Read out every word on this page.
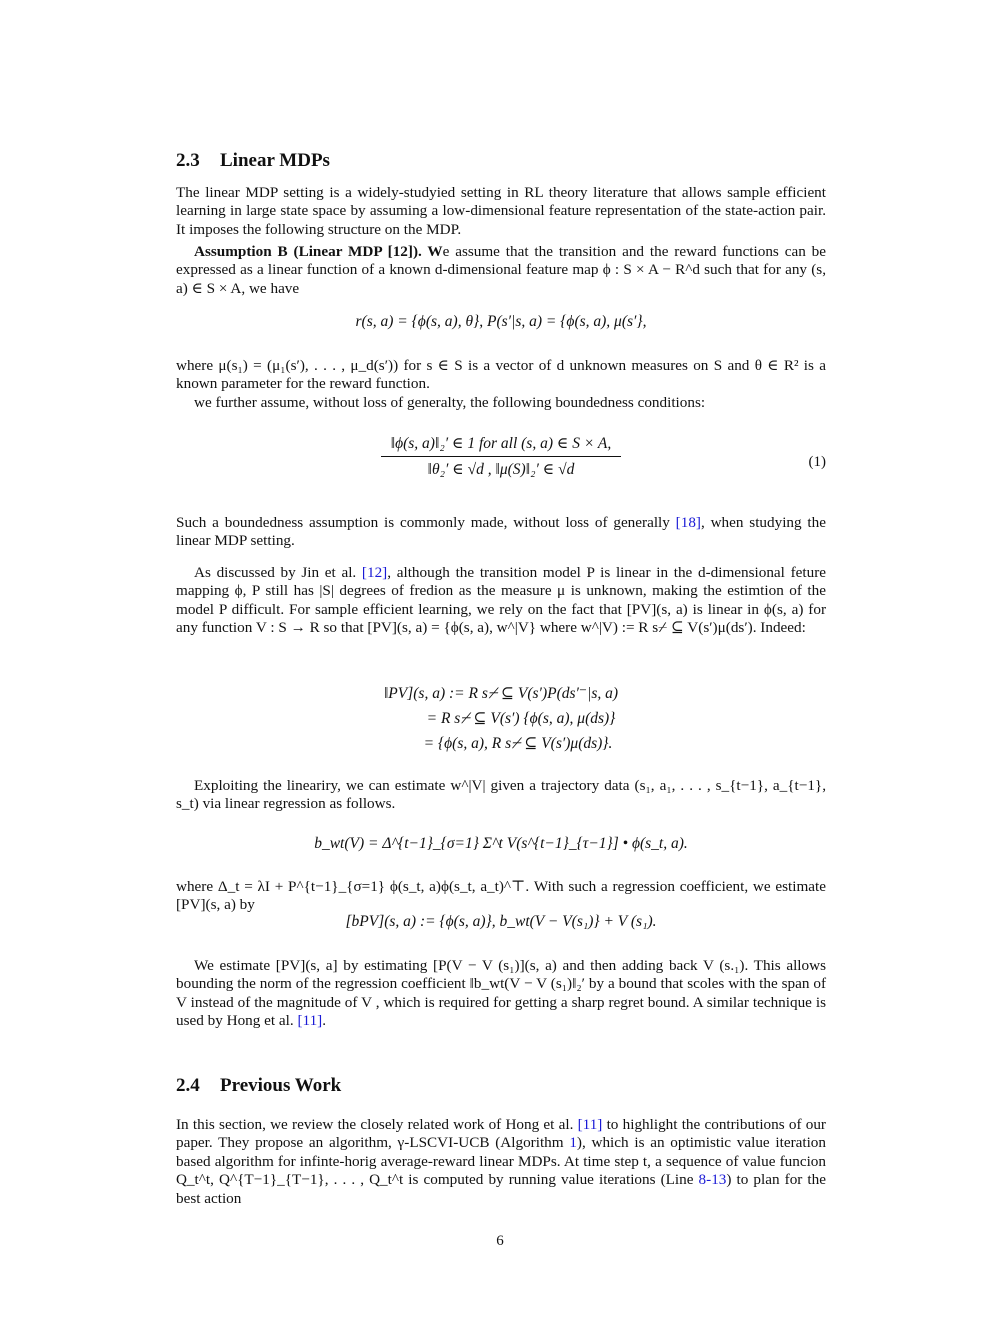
2.3 Linear MDPs
The linear MDP setting is a widely-studyied setting in RL theory literature that allows sample efficient learning in large state space by assuming a low-dimensional feature representation of the state-action pair. It imposes the following structure on the MDP.
Assumption B (Linear MDP [12]). We assume that the transition and the reward functions can be expressed as a linear function of a known d-dimensional feature map ϕ : S × A − R^d such that for any (s, a) ∈ S × A, we have
r(s, a) = {ϕ(s, a), θ}, P(s′|s, a) = {ϕ(s, a), μ(s′},
where μ(s₁) = (μ₁(s′), . . . , μ_d(s′)) for s ∈ S is a vector of d unknown measures on S and θ ∈ R² is a known parameter for the reward function.
we further assume, without loss of generalty, the following boundedness conditions:
$\frac{\text{‖ϕ(s, a)‖₂′ ∈ 1 for all (s, a) ∈ S × A,}}{\text{‖θ₂′ ∈ √d , ‖μ(S)‖₂′ ∈ √d}}$	(1)
Such a boundedness assumption is commonly made, without loss of generally [18], when studying the linear MDP setting.
As discussed by Jin et al. [12], although the transition model P is linear in the d-dimensional feture mapping ϕ, P still has |S| degrees of fredion as the measure μ is unknown, making the estimtion of the model P difficult. For sample efficient learning, we rely on the fact that [PV](s, a) is linear in ϕ(s, a) for any function V : S → R so that [PV](s, a) = {ϕ(s, a), w^|V} where w^|V) := R s⌿ ⊆ V(s′)μ(ds′). Indeed:
‖PV](s, a) := R s⌿ ⊆ V(s′)P(ds′⁻|s, a)
= R s⌿ ⊆ V(s′) {ϕ(s, a), μ(ds)}
= {ϕ(s, a), R s⌿ ⊆ V(s′)μ(ds)}.
Exploiting the lineariry, we can estimate w^|V| given a trajectory data (s₁, a₁, . . . , s_{t−1}, a_{t−1}, s_t) via linear regression as follows.
b_wt(V) = Δ^{t−1}_{σ=1} Σ^t V(s^{t−1}_{τ−1}] • ϕ(s_t, a).
where Δ_t = λI + P^{t−1}_{σ=1} ϕ(s_t, a)ϕ(s_t, a_t)^⊤. With such a regression coefficient, we estimate [PV](s, a) by
[bPV](s, a) := {ϕ(s, a)}, b_wt(V − V(s₁)} + V (s₁).
We estimate [PV](s, a] by estimating [P(V − V (s₁)](s, a) and then adding back V (s.₁). This allows bounding the norm of the regression coefficient ‖b_wt(V − V (s₁)‖₂′ by a bound that scoles with the span of V instead of the magnitude of V , which is required for getting a sharp regret bound. A similar technique is used by Hong et al. [11].
2.4 Previous Work
In this section, we review the closely related work of Hong et al. [11] to highlight the contributions of our paper. They propose an algorithm, γ-LSCVI-UCB (Algorithm 1), which is an optimistic value iteration based algorithm for infinte-horig average-reward linear MDPs. At time step t, a sequence of value funcion Q_t^t, Q^{T−1}_{T−1}, . . . , Q_t^t is computed by running value iterations (Line 8-13) to plan for the best action
6
